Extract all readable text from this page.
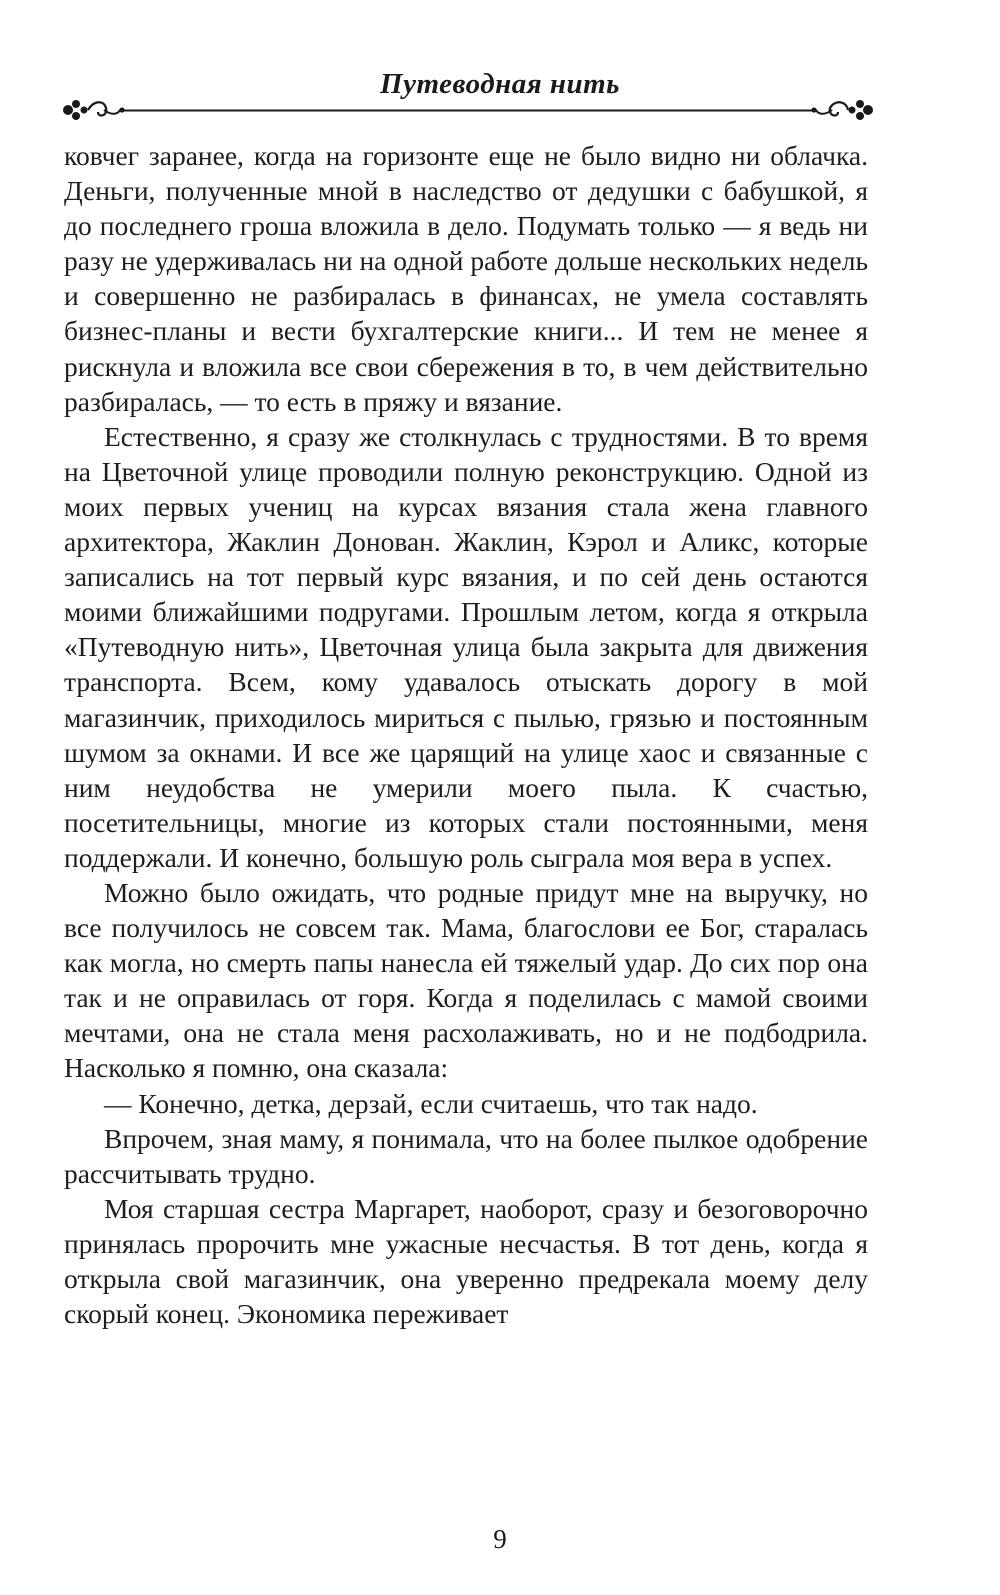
Путеводная нить

ковчег заранее, когда на горизонте еще не было видно ни облачка. Деньги, полученные мной в наследство от дедушки с бабушкой, я до последнего гроша вложила в дело. Подумать только — я ведь ни разу не удерживалась ни на одной работе дольше нескольких недель и совершенно не разбиралась в финансах, не умела составлять бизнес-планы и вести бухгалтерские книги... И тем не менее я рискнула и вложила все свои сбережения в то, в чем действительно разбиралась, — то есть в пряжу и вязание.

Естественно, я сразу же столкнулась с трудностями. В то время на Цветочной улице проводили полную реконструкцию. Одной из моих первых учениц на курсах вязания стала жена главного архитектора, Жаклин Донован. Жаклин, Кэрол и Аликс, которые записались на тот первый курс вязания, и по сей день остаются моими ближайшими подругами. Прошлым летом, когда я открыла «Путеводную нить», Цветочная улица была закрыта для движения транспорта. Всем, кому удавалось отыскать дорогу в мой магазинчик, приходилось мириться с пылью, грязью и постоянным шумом за окнами. И все же царящий на улице хаос и связанные с ним неудобства не умерили моего пыла. К счастью, посетительницы, многие из которых стали постоянными, меня поддержали. И конечно, большую роль сыграла моя вера в успех.

Можно было ожидать, что родные придут мне на выручку, но все получилось не совсем так. Мама, благослови ее Бог, старалась как могла, но смерть папы нанесла ей тяжелый удар. До сих пор она так и не оправилась от горя. Когда я поделилась с мамой своими мечтами, она не стала меня расхолаживать, но и не подбодрила. Насколько я помню, она сказала:

— Конечно, детка, дерзай, если считаешь, что так надо.

Впрочем, зная маму, я понимала, что на более пылкое одобрение рассчитывать трудно.

Моя старшая сестра Маргарет, наоборот, сразу и безоговорочно принялась пророчить мне ужасные несчастья. В тот день, когда я открыла свой магазинчик, она уверенно предрекала моему делу скорый конец. Экономика переживает

9
